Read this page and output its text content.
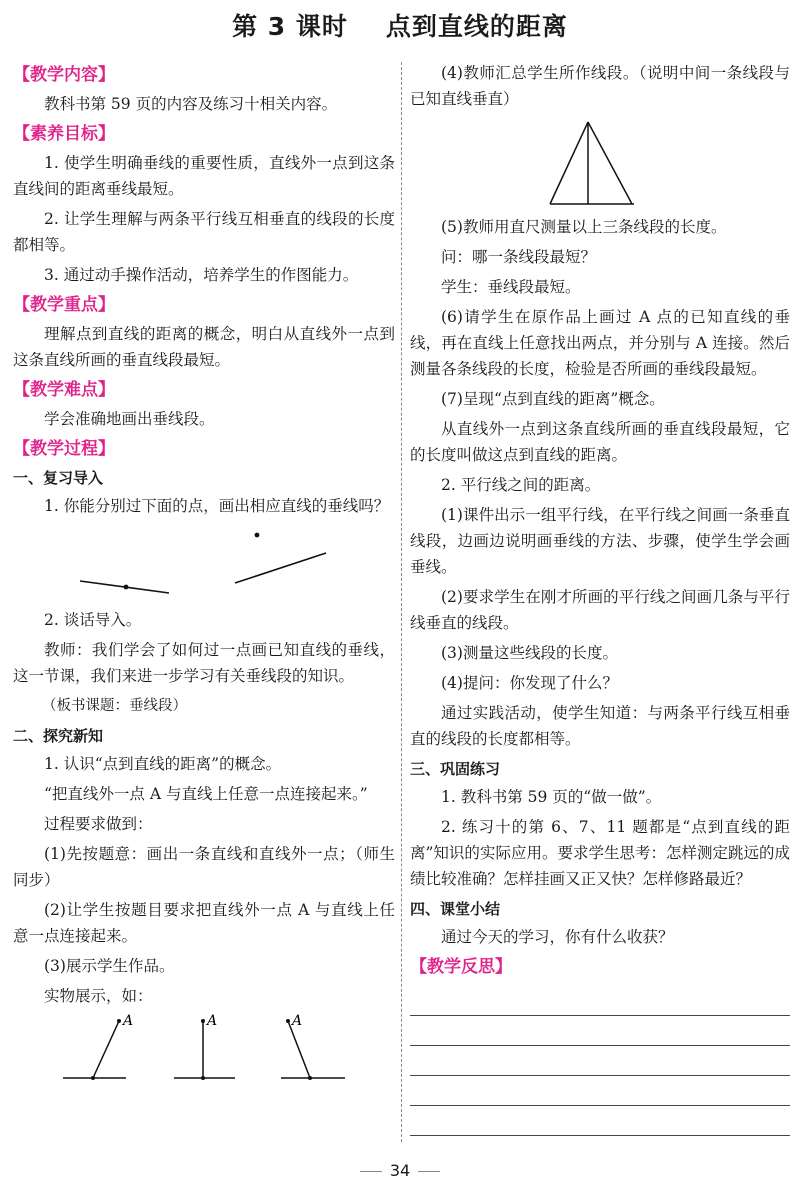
第 3 课时 点到直线的距离
【教学内容】

教科书第 59 页的内容及练习十相关内容。

【素养目标】

1. 使学生明确垂线的重要性质，直线外一点到这条直线间的距离垂线最短。

2. 让学生理解与两条平行线互相垂直的线段的长度都相等。

3. 通过动手操作活动，培养学生的作图能力。

【教学重点】

理解点到直线的距离的概念，明白从直线外一点到这条直线所画的垂直线段最短。

【教学难点】

学会准确地画出垂线段。

【教学过程】
一、复习导入

1. 你能分别过下面的点，画出相应直线的垂线吗？

2. 谈话导入。

教师：我们学会了如何过一点画已知直线的垂线，这一节课，我们来进一步学习有关垂线段的知识。

（板书课题：垂线段）

二、探究新知

1. 认识“点到直线的距离”的概念。

“把直线外一点 A 与直线上任意一点连接起来。”

过程要求做到：

(1)先按题意：画出一条直线和直线外一点；（师生同步）

(2)让学生按题目要求把直线外一点 A 与直线上任意一点连接起来。

(3)展示学生作品。

实物展示，如：

A	A	A

(4)教师汇总学生所作线段。（说明中间一条线段与已知直线垂直）

(5)教师用直尺测量以上三条线段的长度。

问：哪一条线段最短？

学生：垂线段最短。

(6)请学生在原作品上画过 A 点的已知直线的垂线，再在直线上任意找出两点，并分别与 A 连接。然后测量各条线段的长度，检验是否所画的垂线段最短。

(7)呈现“点到直线的距离”概念。

从直线外一点到这条直线所画的垂直线段最短，它的长度叫做这点到直线的距离。

2. 平行线之间的距离。

(1)课件出示一组平行线，在平行线之间画一条垂直线段，边画边说明画垂线的方法、步骤，使学生学会画垂线。

(2)要求学生在刚才所画的平行线之间画几条与平行线垂直的线段。

(3)测量这些线段的长度。

(4)提问：你发现了什么？

通过实践活动，使学生知道：与两条平行线互相垂直的线段的长度都相等。

三、巩固练习

1. 教科书第 59 页的“做一做”。

2. 练习十的第 6、7、11 题都是“点到直线的距离”知识的实际应用。要求学生思考：怎样测定跳远的成绩比较准确？怎样挂画又正又快？怎样修路最近？

四、课堂小结

通过今天的学习，你有什么收获？

【教学反思】
34
